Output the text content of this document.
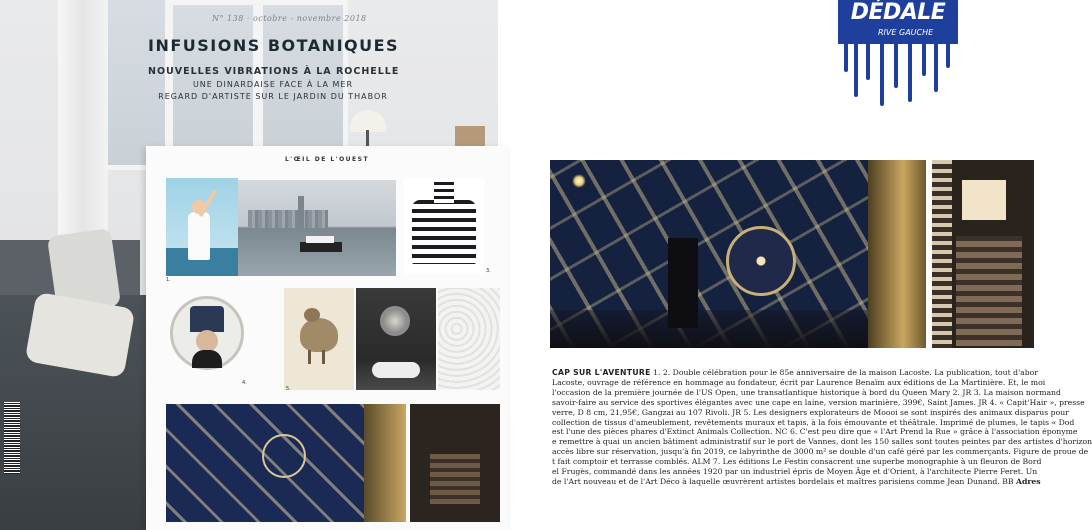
N° 138 · octobre - novembre 2018
INFUSIONS BOTANIQUES
NOUVELLES VIBRATIONS À LA ROCHELLE
UNE DINARDAISE FACE À LA MER
REGARD D'ARTISTE SUR LE JARDIN DU THABOR
L'ŒIL DE L'OUEST
1.
3.
4.
5.
DÉDALE
RIVE GAUCHE
CAP SUR L'AVENTURE 1. 2. Double célébration pour le 85e anniversaire de la maison Lacoste. La publication, tout d'abor
Lacoste, ouvrage de référence en hommage au fondateur, écrit par Laurence Benaïm aux éditions de La Martinière. Et, le moi
l'occasion de la première journée de l'US Open, une transatlantique historique à bord du Queen Mary 2. JR 3. La maison normand
savoir-faire au service des sportives élégantes avec une cape en laine, version marinière, 399€, Saint James. JR 4. « Capit'Hair », presse
verre, D 8 cm, 21,95€, Gangzai au 107 Rivoli. JR 5. Les designers explorateurs de Moooi se sont inspirés des animaux disparus pour
collection de tissus d'ameublement, revêtements muraux et tapis, à la fois émouvante et théâtrale. Imprimé de plumes, le tapis « Dod
est l'une des pièces phares d'Extinct Animals Collection. NC 6. C'est peu dire que « l'Art Prend la Rue » grâce à l'association éponyme
e remettre à quai un ancien bâtiment administratif sur le port de Vannes, dont les 150 salles sont toutes peintes par des artistes d'horizon
accès libre sur réservation, jusqu'à fin 2019, ce labyrinthe de 3000 m² se double d'un café géré par les commerçants. Figure de proue de
t fait comptoir et terrasse comblés. ALM 7. Les éditions Le Festin consacrent une superbe monographie à un fleuron de Bord
el Frugès, commandé dans les années 1920 par un industriel épris de Moyen Âge et d'Orient, à l'architecte Pierre Feret. Un
de l'Art nouveau et de l'Art Déco à laquelle œuvrèrent artistes bordelais et maîtres parisiens comme Jean Dunand. BB Adres
